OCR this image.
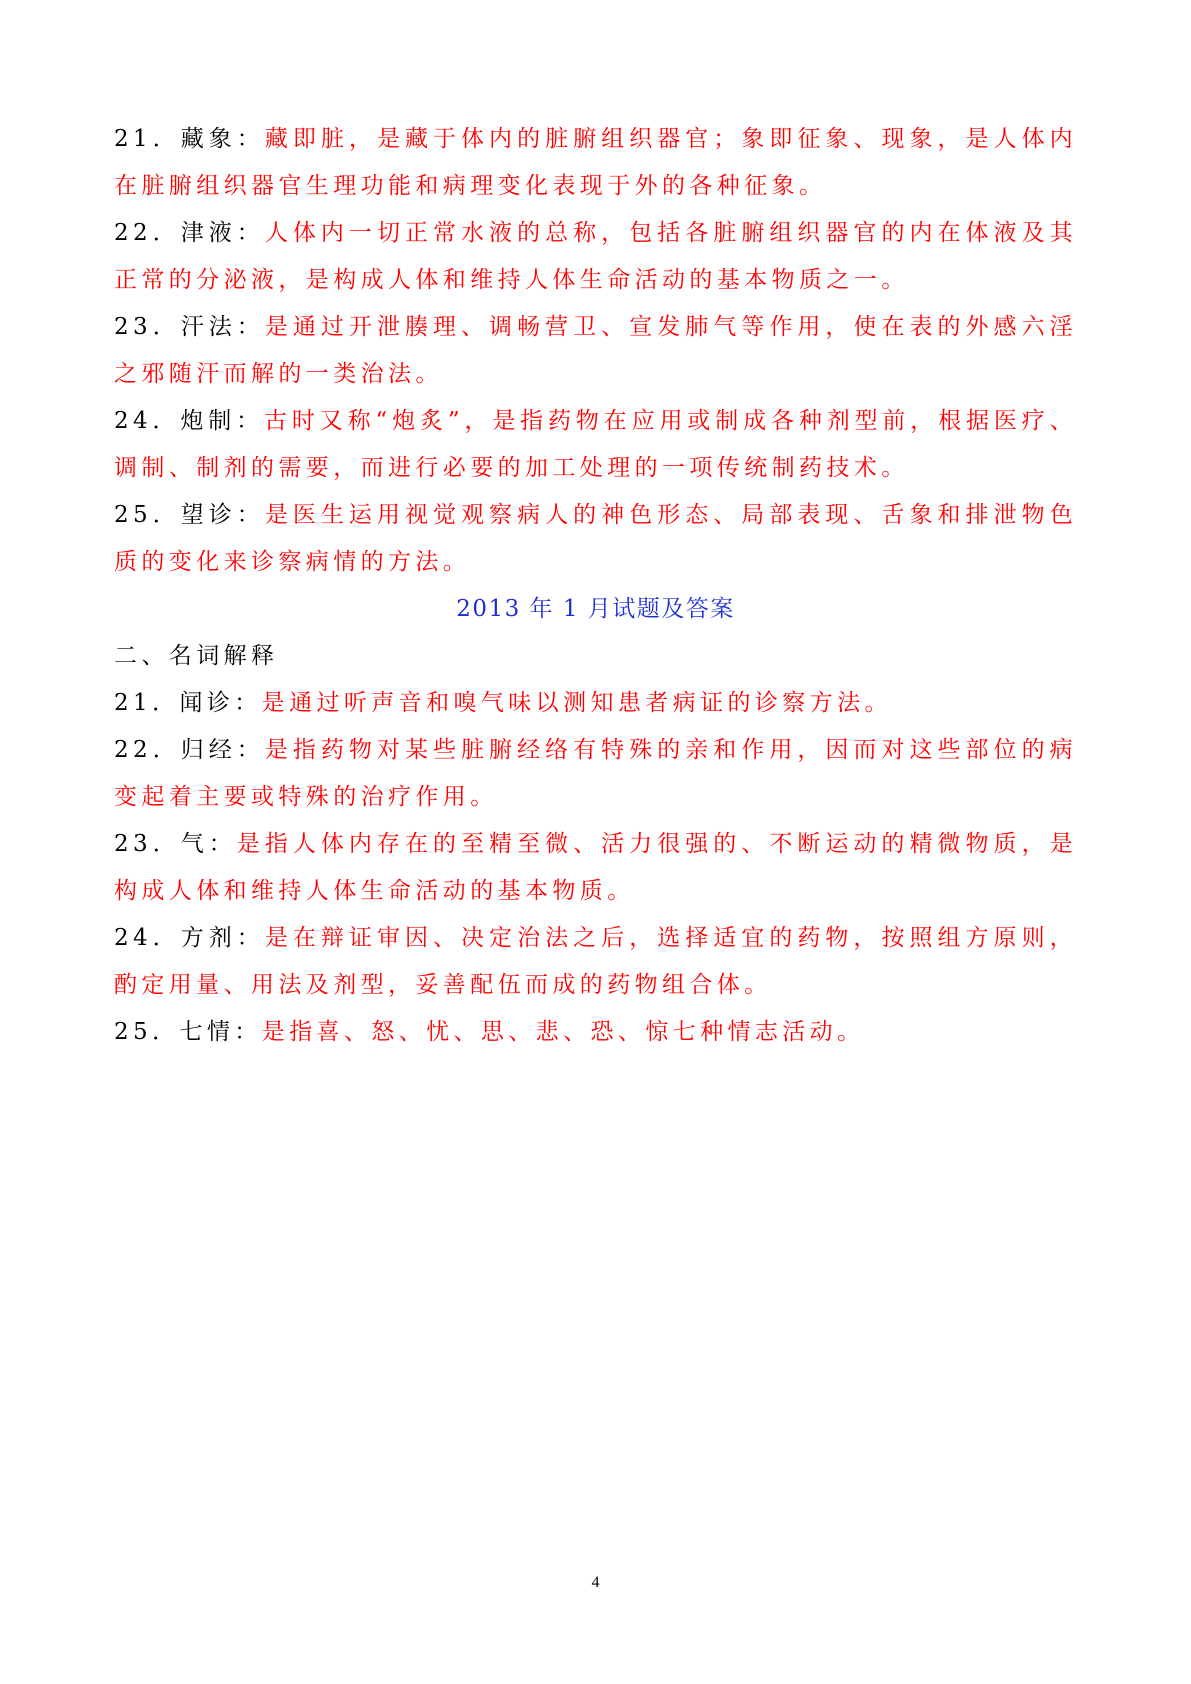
21．藏象：藏即脏，是藏于体内的脏腑组织器官；象即征象、现象，是人体内在脏腑组织器官生理功能和病理变化表现于外的各种征象。

22．津液：人体内一切正常水液的总称，包括各脏腑组织器官的内在体液及其正常的分泌液，是构成人体和维持人体生命活动的基本物质之一。

23．汗法：是通过开泄腠理、调畅营卫、宣发肺气等作用，使在表的外感六淫之邪随汗而解的一类治法。

24．炮制：古时又称“炮炙”，是指药物在应用或制成各种剂型前，根据医疗、调制、制剂的需要，而进行必要的加工处理的一项传统制药技术。

25．望诊：是医生运用视觉观察病人的神色形态、局部表现、舌象和排泄物色质的变化来诊察病情的方法。

2013 年 1 月试题及答案

二、名词解释

21．闻诊：是通过听声音和嗅气味以测知患者病证的诊察方法。

22．归经：是指药物对某些脏腑经络有特殊的亲和作用，因而对这些部位的病变起着主要或特殊的治疗作用。

23．气：是指人体内存在的至精至微、活力很强的、不断运动的精微物质，是构成人体和维持人体生命活动的基本物质。

24．方剂：是在辩证审因、决定治法之后，选择适宜的药物，按照组方原则，酌定用量、用法及剂型，妥善配伍而成的药物组合体。

25．七情：是指喜、怒、忧、思、悲、恐、惊七种情志活动。

4
